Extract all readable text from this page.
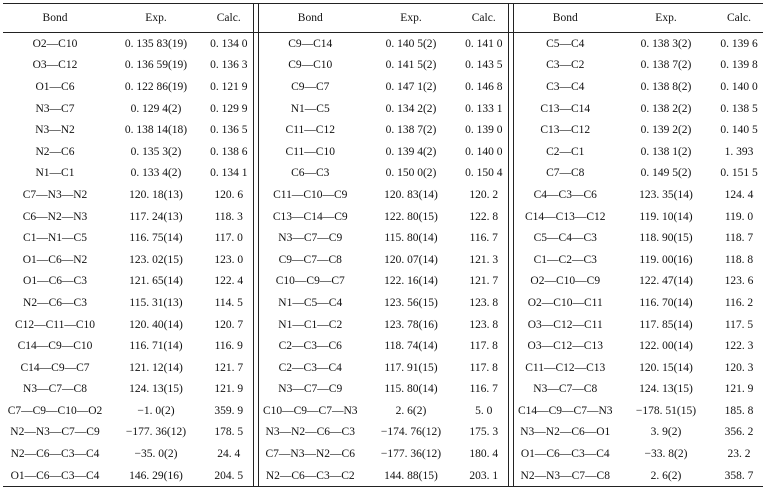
Bond	Exp.	Calc.		Bond	Exp.	Calc.		Bond	Exp.	Calc.
O2—C10	0. 135 83(19)	0. 134 0		C9—C14	0. 140 5(2)	0. 141 0		C5—C4	0. 138 3(2)	0. 139 6
O3—C12	0. 136 59(19)	0. 136 3		C9—C10	0. 141 5(2)	0. 143 5		C3—C2	0. 138 7(2)	0. 139 8
O1—C6	0. 122 86(19)	0. 121 9		C9—C7	0. 147 1(2)	0. 146 8		C3—C4	0. 138 8(2)	0. 140 0
N3—C7	0. 129 4(2)	0. 129 9		N1—C5	0. 134 2(2)	0. 133 1		C13—C14	0. 138 2(2)	0. 138 5
N3—N2	0. 138 14(18)	0. 136 5		C11—C12	0. 138 7(2)	0. 139 0		C13—C12	0. 139 2(2)	0. 140 5
N2—C6	0. 135 3(2)	0. 138 6		C11—C10	0. 139 4(2)	0. 140 0		C2—C1	0. 138 1(2)	1. 393
N1—C1	0. 133 4(2)	0. 134 1		C6—C3	0. 150 0(2)	0. 150 4		C7—C8	0. 149 5(2)	0. 151 5
C7—N3—N2	120. 18(13)	120. 6		C11—C10—C9	120. 83(14)	120. 2		C4—C3—C6	123. 35(14)	124. 4
C6—N2—N3	117. 24(13)	118. 3		C13—C14—C9	122. 80(15)	122. 8		C14—C13—C12	119. 10(14)	119. 0
C1—N1—C5	116. 75(14)	117. 0		N3—C7—C9	115. 80(14)	116. 7		C5—C4—C3	118. 90(15)	118. 7
O1—C6—N2	123. 02(15)	123. 0		C9—C7—C8	120. 07(14)	121. 3		C1—C2—C3	119. 00(16)	118. 8
O1—C6—C3	121. 65(14)	122. 4		C10—C9—C7	122. 16(14)	121. 7		O2—C10—C9	122. 47(14)	123. 6
N2—C6—C3	115. 31(13)	114. 5		N1—C5—C4	123. 56(15)	123. 8		O2—C10—C11	116. 70(14)	116. 2
C12—C11—C10	120. 40(14)	120. 7		N1—C1—C2	123. 78(16)	123. 8		O3—C12—C11	117. 85(14)	117. 5
C14—C9—C10	116. 71(14)	116. 9		C2—C3—C6	118. 74(14)	117. 8		O3—C12—C13	122. 00(14)	122. 3
C14—C9—C7	121. 12(14)	121. 7		C2—C3—C4	117. 91(15)	117. 8		C11—C12—C13	120. 15(14)	120. 3
N3—C7—C8	124. 13(15)	121. 9		N3—C7—C9	115. 80(14)	116. 7		N3—C7—C8	124. 13(15)	121. 9
C7—C9—C10—O2	−1. 0(2)	359. 9		C10—C9—C7—N3	2. 6(2)	5. 0		C14—C9—C7—N3	−178. 51(15)	185. 8
N2—N3—C7—C9	−177. 36(12)	178. 5		N3—N2—C6—C3	−174. 76(12)	175. 3		N3—N2—C6—O1	3. 9(2)	356. 2
N2—C6—C3—C4	−35. 0(2)	24. 4		C7—N3—N2—C6	−177. 36(12)	180. 4		O1—C6—C3—C4	−33. 8(2)	23. 2
O1—C6—C3—C4	146. 29(16)	204. 5		N2—C6—C3—C2	144. 88(15)	203. 1		N2—N3—C7—C8	2. 6(2)	358. 7
